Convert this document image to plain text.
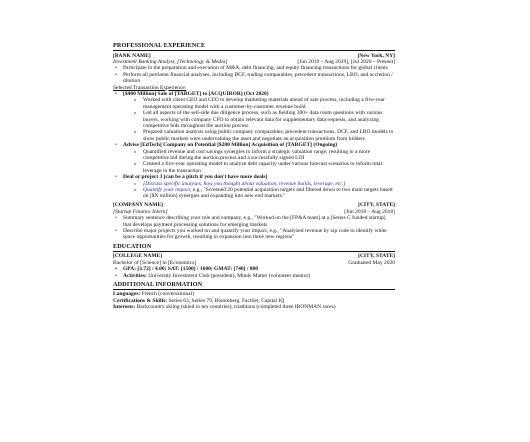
PROFESSIONAL EXPERIENCE
[BANK NAME]	[New York, NY]
Investment Banking Analyst, [Technology & Media]	[Jun 2019 – Aug 2019], [Jul 2020 – Present]
• Participate in the preparation and execution of M&A, debt financing, and equity financing transactions for global clients
• Perform all pertinent financial analyses, including DCF, trading comparables, precedent transactions, LBO, and accretion / dilution
Selected Transaction Experience:
• [$400 Million] Sale of [TARGET] to [ACQUIROR] (Oct 2020)
o Worked with client CEO and CFO to develop marketing materials ahead of sale process, including a five-year management operating model with a customer-by-customer revenue build
o Led all aspects of the sell-side due diligence process, such as fielding 300+ data room questions with various buyers, working with company CFO to obtain relevant data for supplementary data requests, and analyzing competitive bids throughout the auction process
o Prepared valuation analysis using public company comparables, precedent transactions, DCF, and LBO models to show public markets were undervaluing the asset and negotiate an acquisition premium from bidders
• Advise [EdTech] Company on Potential [$200 Million] Acquisition of [TARGET] (Ongoing)
o Quantified revenue and cost savings synergies to inform a strategic valuation range, resulting in a more competitive bid during the auction process and a successfully signed LOI
o Created a five-year operating model to analyze debt capacity under various forecast scenarios to inform total leverage in the transaction
• Deal or project 3 [can be a pitch if you don't have more deals]
o [Discuss specific analyses, how you thought about valuation, revenue builds, leverage, etc.]
o Quantify your impact, e.g., "Screened 20 potential acquisition targets and filtered down to two main targets based on [$X million] synergies and expanding into new end markets."
[COMPANY NAME]	[CITY, STATE]
[Startup Finance Intern]	[Jun 2018 – Aug 2018]
• Summary sentence describing your role and company, e.g., "Worked on the [FP&A team] at a [Series C funded startup] that develops payment processing solutions for emerging markets
• Describe major projects you worked on and quantify your impact, e.g., "Analyzed revenue by zip code to identify white space opportunities for growth, resulting in expansion into three new regions"
EDUCATION
[COLLEGE NAME]	[CITY, STATE]
Bachelor of [Science] in [Economics]	Graduated May 2020
• GPA: [3.72] / 4.00; SAT: [1500] / 1600; GMAT: [740] / 800
• Activities: University Investment Club (president), Minds Matter (volunteer mentor)
ADDITIONAL INFORMATION
Languages: French (conversational)
Certifications & Skills: Series 63, Series 79, Bloomberg, FactSet, Capital IQ
Interests: Backcountry skiing (skied in ten countries), triathlons (completed three IRONMAN races)
